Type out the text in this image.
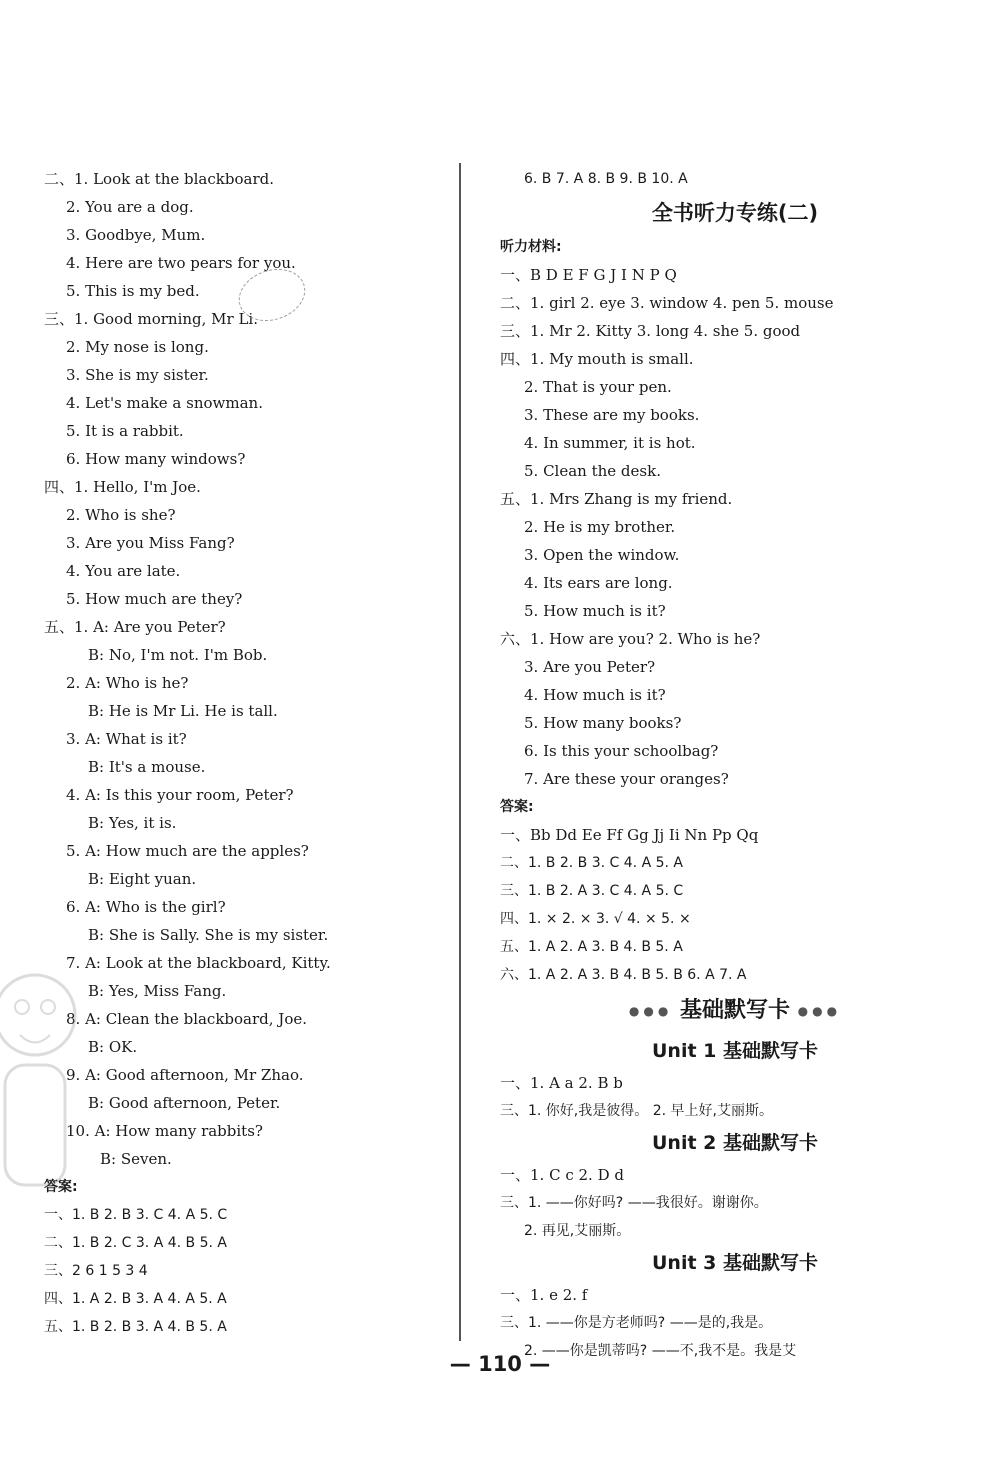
二、1. Look at the blackboard.
2. You are a dog.
3. Goodbye, Mum.
4. Here are two pears for you.
5. This is my bed.
三、1. Good morning, Mr Li.
2. My nose is long.
3. She is my sister.
4. Let's make a snowman.
5. It is a rabbit.
6. How many windows?
四、1. Hello, I'm Joe.
2. Who is she?
3. Are you Miss Fang?
4. You are late.
5. How much are they?
五、1. A: Are you Peter?
B: No, I'm not. I'm Bob.
2. A: Who is he?
B: He is Mr Li. He is tall.
3. A: What is it?
B: It's a mouse.
4. A: Is this your room, Peter?
B: Yes, it is.
5. A: How much are the apples?
B: Eight yuan.
6. A: Who is the girl?
B: She is Sally. She is my sister.
7. A: Look at the blackboard, Kitty.
B: Yes, Miss Fang.
8. A: Clean the blackboard, Joe.
B: OK.
9. A: Good afternoon, Mr Zhao.
B: Good afternoon, Peter.
10. A: How many rabbits?
B: Seven.
答案:
一、1. B 2. B 3. C 4. A 5. C
二、1. B 2. C 3. A 4. B 5. A
三、2 6 1 5 3 4
四、1. A 2. B 3. A 4. A 5. A
五、1. B 2. B 3. A 4. B 5. A
6. B 7. A 8. B 9. B 10. A
全书听力专练(二)
听力材料:
一、B D E F G J I N P Q
二、1. girl 2. eye 3. window 4. pen 5. mouse
三、1. Mr 2. Kitty 3. long 4. she 5. good
四、1. My mouth is small.
2. That is your pen.
3. These are my books.
4. In summer, it is hot.
5. Clean the desk.
五、1. Mrs Zhang is my friend.
2. He is my brother.
3. Open the window.
4. Its ears are long.
5. How much is it?
六、1. How are you? 2. Who is he?
3. Are you Peter?
4. How much is it?
5. How many books?
6. Is this your schoolbag?
7. Are these your oranges?
答案:
一、Bb Dd Ee Ff Gg Jj Ii Nn Pp Qq
二、1. B 2. B 3. C 4. A 5. A
三、1. B 2. A 3. C 4. A 5. C
四、1. × 2. × 3. √ 4. × 5. ×
五、1. A 2. A 3. B 4. B 5. A
六、1. A 2. A 3. B 4. B 5. B 6. A 7. A
●●● 基础默写卡 ●●●
Unit 1 基础默写卡
一、1. A a 2. B b
三、1. 你好,我是彼得。 2. 早上好,艾丽斯。
Unit 2 基础默写卡
一、1. C c 2. D d
三、1. ——你好吗? ——我很好。谢谢你。
2. 再见,艾丽斯。
Unit 3 基础默写卡
一、1. e 2. f
三、1. ——你是方老师吗? ——是的,我是。
2. ——你是凯蒂吗? ——不,我不是。我是艾
— 110 —
